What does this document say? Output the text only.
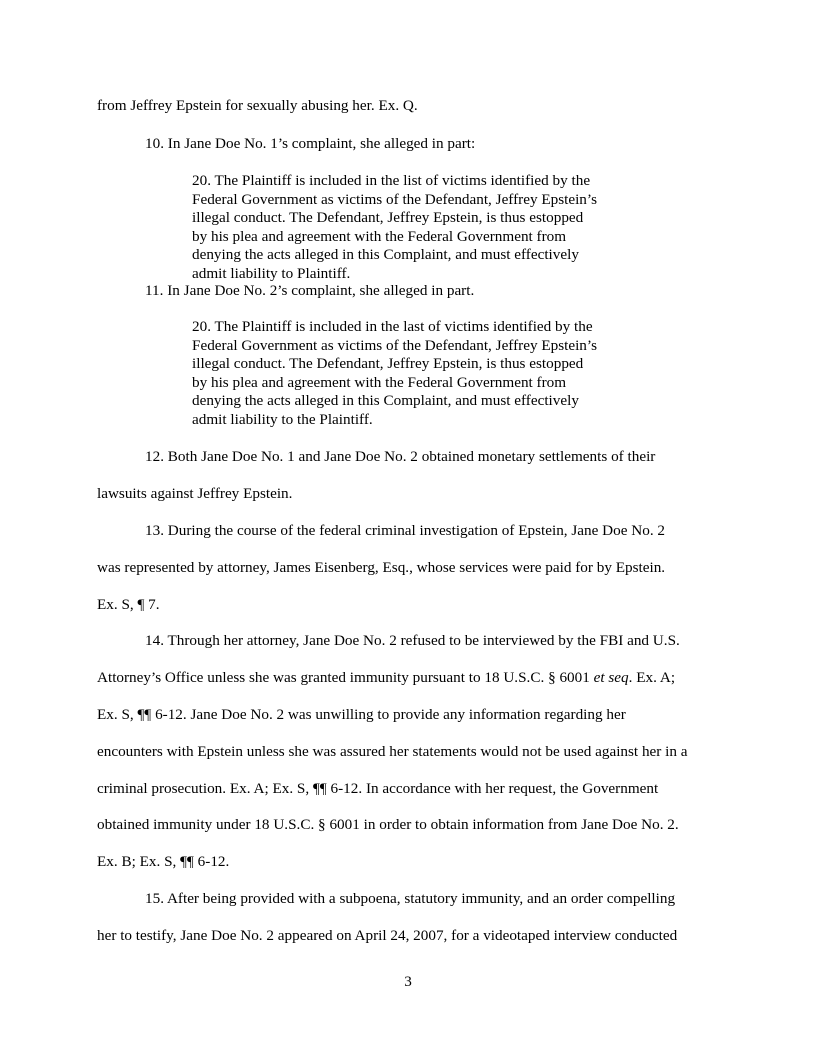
from Jeffrey Epstein for sexually abusing her. Ex. Q.
10. In Jane Doe No. 1’s complaint, she alleged in part:
20. The Plaintiff is included in the list of victims identified by the
Federal Government as victims of the Defendant, Jeffrey Epstein’s
illegal conduct. The Defendant, Jeffrey Epstein, is thus estopped
by his plea and agreement with the Federal Government from
denying the acts alleged in this Complaint, and must effectively
admit liability to Plaintiff.
11. In Jane Doe No. 2’s complaint, she alleged in part.
20. The Plaintiff is included in the last of victims identified by the
Federal Government as victims of the Defendant, Jeffrey Epstein’s
illegal conduct. The Defendant, Jeffrey Epstein, is thus estopped
by his plea and agreement with the Federal Government from
denying the acts alleged in this Complaint, and must effectively
admit liability to the Plaintiff.
12. Both Jane Doe No. 1 and Jane Doe No. 2 obtained monetary settlements of their
lawsuits against Jeffrey Epstein.
13. During the course of the federal criminal investigation of Epstein, Jane Doe No. 2
was represented by attorney, James Eisenberg, Esq., whose services were paid for by Epstein.
Ex. S, ¶ 7.
14. Through her attorney, Jane Doe No. 2 refused to be interviewed by the FBI and U.S.
Attorney’s Office unless she was granted immunity pursuant to 18 U.S.C. § 6001 et seq. Ex. A;
Ex. S, ¶¶ 6-12. Jane Doe No. 2 was unwilling to provide any information regarding her
encounters with Epstein unless she was assured her statements would not be used against her in a
criminal prosecution. Ex. A; Ex. S, ¶¶ 6-12. In accordance with her request, the Government
obtained immunity under 18 U.S.C. § 6001 in order to obtain information from Jane Doe No. 2.
Ex. B; Ex. S, ¶¶ 6-12.
15. After being provided with a subpoena, statutory immunity, and an order compelling
her to testify, Jane Doe No. 2 appeared on April 24, 2007, for a videotaped interview conducted
3
